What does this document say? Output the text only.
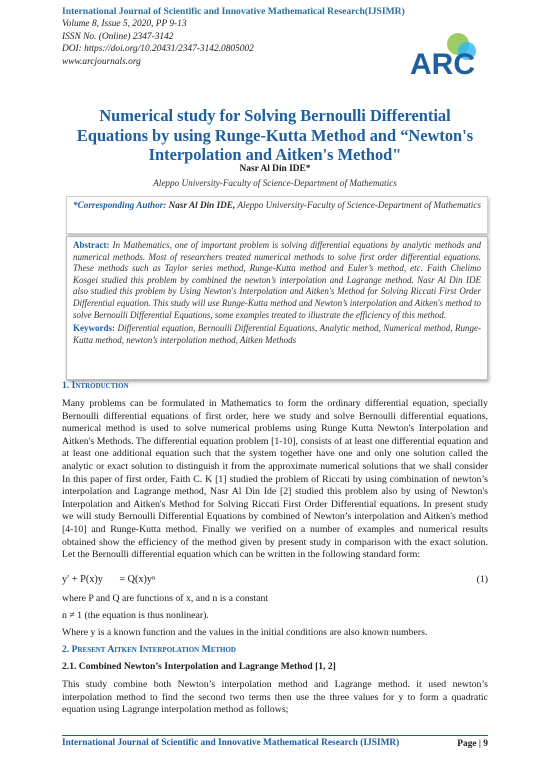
International Journal of Scientific and Innovative Mathematical Research(IJSIMR)
Volume 8, Issue 5, 2020, PP 9-13
ISSN No. (Online) 2347-3142
DOI: https://doi.org/10.20431/2347-3142.0805002
www.arcjournals.org	ARC
Numerical study for Solving Bernoulli Differential Equations by using Runge-Kutta Method and “Newton's Interpolation and Aitken's Method"
Nasr Al Din IDE*
Aleppo University-Faculty of Science-Department of Mathematics
*Corresponding Author: Nasr Al Din IDE, Aleppo University-Faculty of Science-Department of Mathematics

Abstract: In Mathematics, one of important problem is solving differential equations by analytic methods and numerical methods. Most of researchers treated numerical methods to solve first order differential equations. These methods such as Taylor series method, Runge-Kutta method and Euler’s method, etc. Faith Chelimo Kosgei studied this problem by combined the newton’s interpolation and Lagrange method. Nasr Al Din IDE also studied this problem by Using Newton's Interpolation and Aitken's Method for Solving Riccati First Order Differential equation. This study will use Runge-Kutta method and Newton’s interpolation and Aitken's method to solve Bernoulli Differential Equations, some examples treated to illustrate the efficiency of this method.

Keywords: Differential equation, Bernoulli Differential Equations, Analytic method, Numerical method, Runge-Kutta method, newton’s interpolation method, Aitken Methods

1. Introduction

Many problems can be formulated in Mathematics to form the ordinary differential equation, specially Bernoulli differential equations of first order, here we study and solve Bernoulli differential equations, numerical method is used to solve numerical problems using Runge Kutta Newton's Interpolation and Aitken's Methods. The differential equation problem [1-10], consists of at least one differential equation and at least one additional equation such that the system together have one and only one solution called the analytic or exact solution to distinguish it from the approximate numerical solutions that we shall consider In this paper of first order, Faith C. K [1] studied the problem of Riccati by using combination of newton’s interpolation and Lagrange method, Nasr Al Din Ide [2] studied this problem also by using of Newton's Interpolation and Aitken's Method for Solving Riccati First Order Differential equations. In present study we will study Bernoulli Differential Equations by combined of Newton’s interpolation and Aitken's method [4-10] and Runge-Kutta method. Finally we verified on a number of examples and numerical results obtained show the efficiency of the method given by present study in comparison with the exact solution. Let the Bernoulli differential equation which can be written in the following standard form:

y′ + P(x)y = Q(x)yⁿ	(1)
where P and Q are functions of x, and n is a constant
n ≠ 1 (the equation is thus nonlinear).
Where y is a known function and the values in the initial conditions are also known numbers.
2. Present Aitken Interpolation Method
2.1. Combined Newton’s Interpolation and Lagrange Method [1, 2]

This study combine both Newton’s interpolation method and Lagrange method. it used newton’s interpolation method to find the second two terms then use the three values for y to form a quadratic equation using Lagrange interpolation method as follows;

International Journal of Scientific and Innovative Mathematical Research (IJSIMR)	Page | 9
